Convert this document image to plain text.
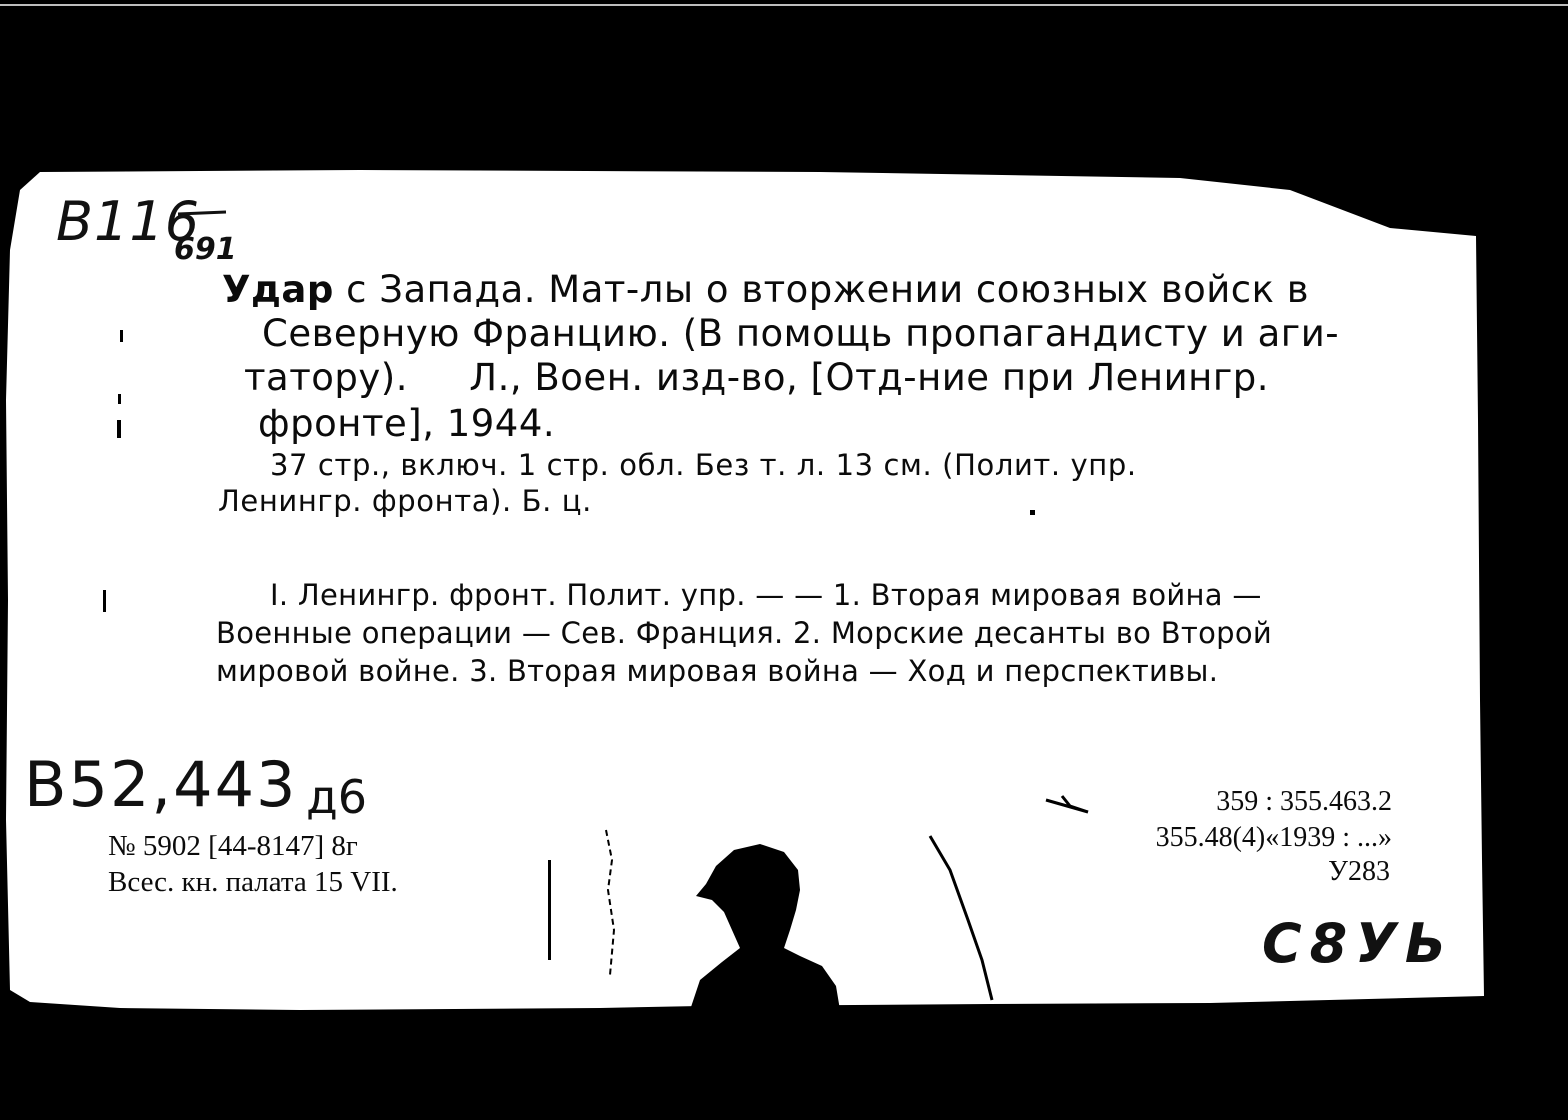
B116
691
Удар с Запада. Мат-лы о вторжении союзных войск в
Северную Францию. (В помощь пропагандисту и аги-
татору).     Л., Воен. изд-во, [Отд-ние при Ленингр.
фронте], 1944.
37 стр., включ. 1 стр. обл. Без т. л. 13 см. (Полит. упр.
Ленингр. фронта). Б. ц.
I. Ленингр. фронт. Полит. упр. — — 1. Вторая мировая война —
Военные операции — Сев. Франция. 2. Морские десанты во Второй
мировой войне. 3. Вторая мировая война — Ход и перспективы.
B52,443 д6
№ 5902 [44-8147] 8г
Всес. кн. палата 15 VII.
359 : 355.463.2
355.48(4)«1939 : ...»
У283
С8УЬ
